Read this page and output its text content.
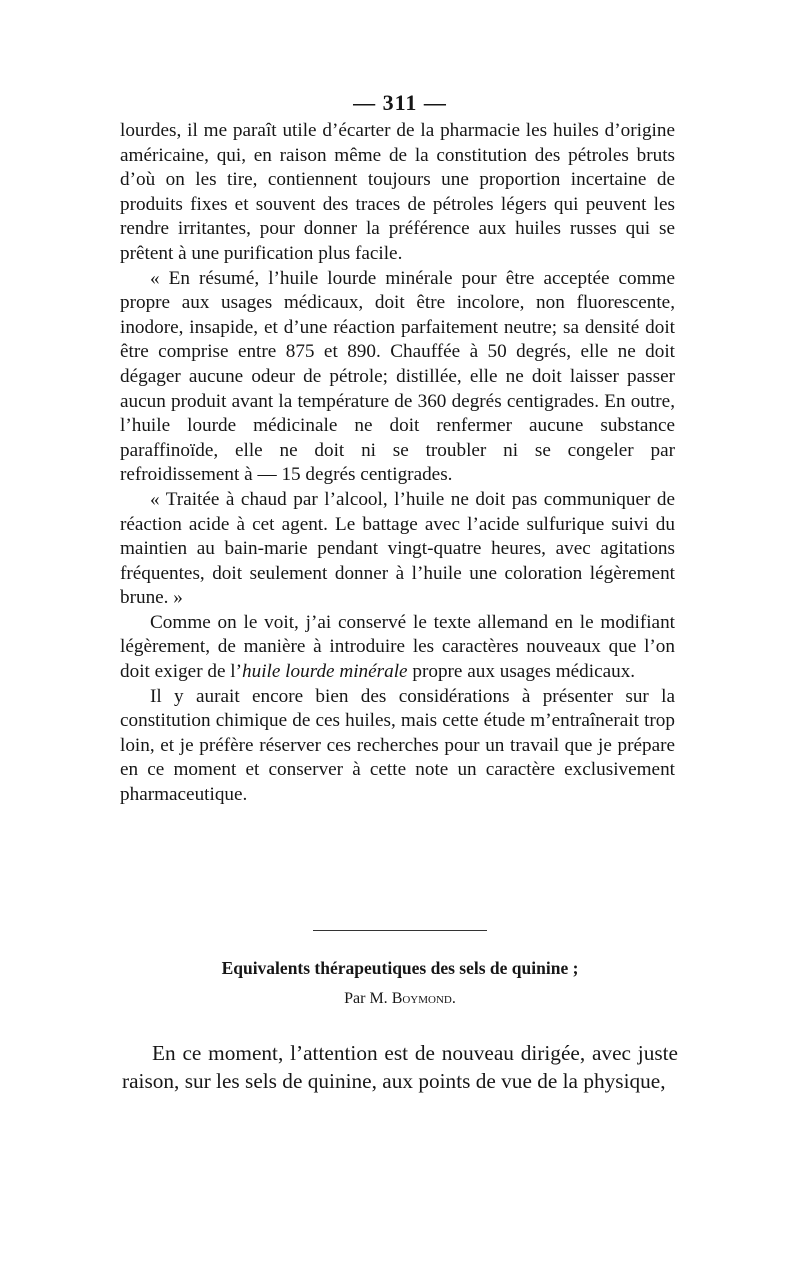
— 311 —

lourdes, il me paraît utile d’écarter de la pharmacie les huiles d’origine américaine, qui, en raison même de la constitution des pétroles bruts d’où on les tire, contiennent toujours une proportion incertaine de produits fixes et souvent des traces de pétroles légers qui peuvent les rendre irritantes, pour donner la préférence aux huiles russes qui se prêtent à une purification plus facile.

« En résumé, l’huile lourde minérale pour être acceptée comme propre aux usages médicaux, doit être incolore, non fluorescente, inodore, insapide, et d’une réaction parfaitement neutre; sa densité doit être comprise entre 875 et 890. Chauffée à 50 degrés, elle ne doit dégager aucune odeur de pétrole; distillée, elle ne doit laisser passer aucun produit avant la température de 360 degrés centigrades. En outre, l’huile lourde médicinale ne doit renfermer aucune substance paraffinoïde, elle ne doit ni se troubler ni se congeler par refroidissement à — 15 degrés centigrades.

« Traitée à chaud par l’alcool, l’huile ne doit pas communiquer de réaction acide à cet agent. Le battage avec l’acide sulfurique suivi du maintien au bain-marie pendant vingt-quatre heures, avec agitations fréquentes, doit seulement donner à l’huile une coloration légèrement brune. »

Comme on le voit, j’ai conservé le texte allemand en le modifiant légèrement, de manière à introduire les caractères nouveaux que l’on doit exiger de l’huile lourde minérale propre aux usages médicaux.

Il y aurait encore bien des considérations à présenter sur la constitution chimique de ces huiles, mais cette étude m’entraînerait trop loin, et je préfère réserver ces recherches pour un travail que je prépare en ce moment et conserver à cette note un caractère exclusivement pharmaceutique.

Equivalents thérapeutiques des sels de quinine ;
Par M. Boymond.

En ce moment, l’attention est de nouveau dirigée, avec juste raison, sur les sels de quinine, aux points de vue de la physique,
